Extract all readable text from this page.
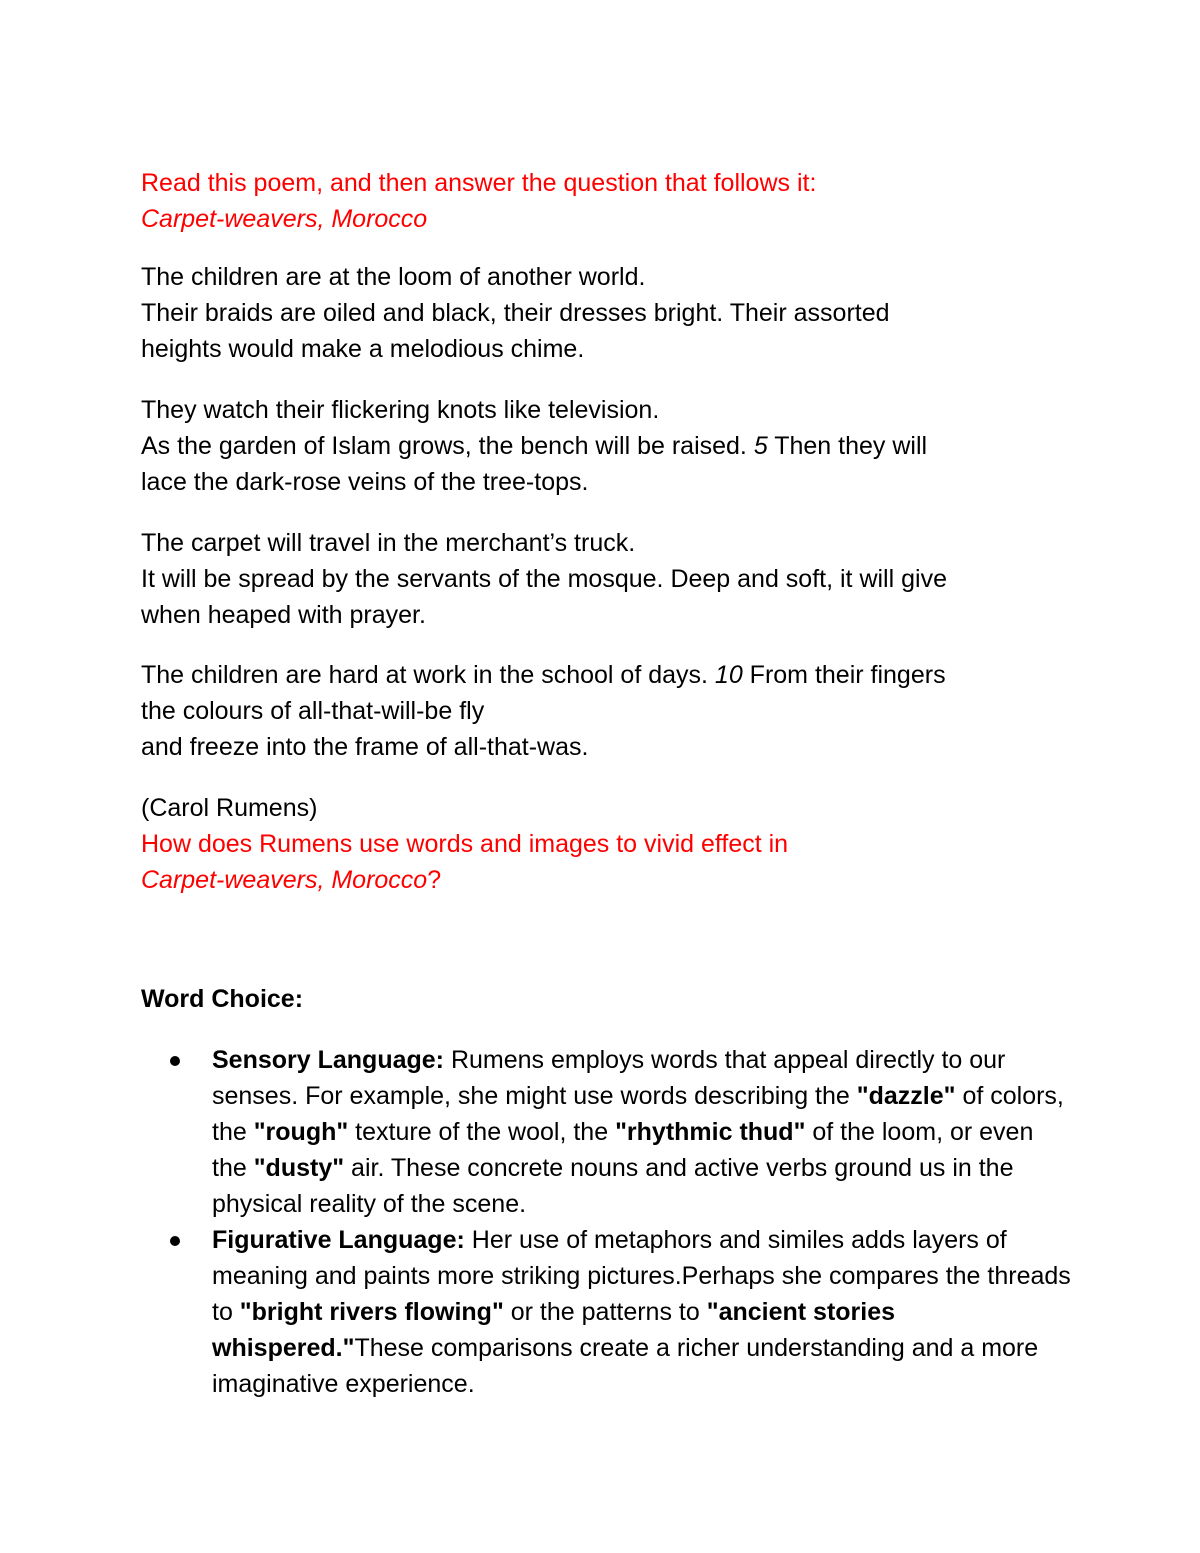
Read this poem, and then answer the question that follows it:
Carpet-weavers, Morocco
The children are at the loom of another world.
Their braids are oiled and black, their dresses bright. Their assorted
heights would make a melodious chime.
They watch their flickering knots like television.
As the garden of Islam grows, the bench will be raised. 5 Then they will
lace the dark-rose veins of the tree-tops.
The carpet will travel in the merchant’s truck.
It will be spread by the servants of the mosque. Deep and soft, it will give
when heaped with prayer.
The children are hard at work in the school of days. 10 From their fingers
the colours of all-that-will-be fly
and freeze into the frame of all-that-was.
(Carol Rumens)
How does Rumens use words and images to vivid effect in
Carpet-weavers, Morocco?
Word Choice:
Sensory Language: Rumens employs words that appeal directly to our senses. For example, she might use words describing the "dazzle" of colors, the "rough" texture of the wool, the "rhythmic thud" of the loom, or even the "dusty" air. These concrete nouns and active verbs ground us in the physical reality of the scene.
Figurative Language: Her use of metaphors and similes adds layers of meaning and paints more striking pictures.Perhaps she compares the threads to "bright rivers flowing" or the patterns to "ancient stories whispered."These comparisons create a richer understanding and a more imaginative experience.
